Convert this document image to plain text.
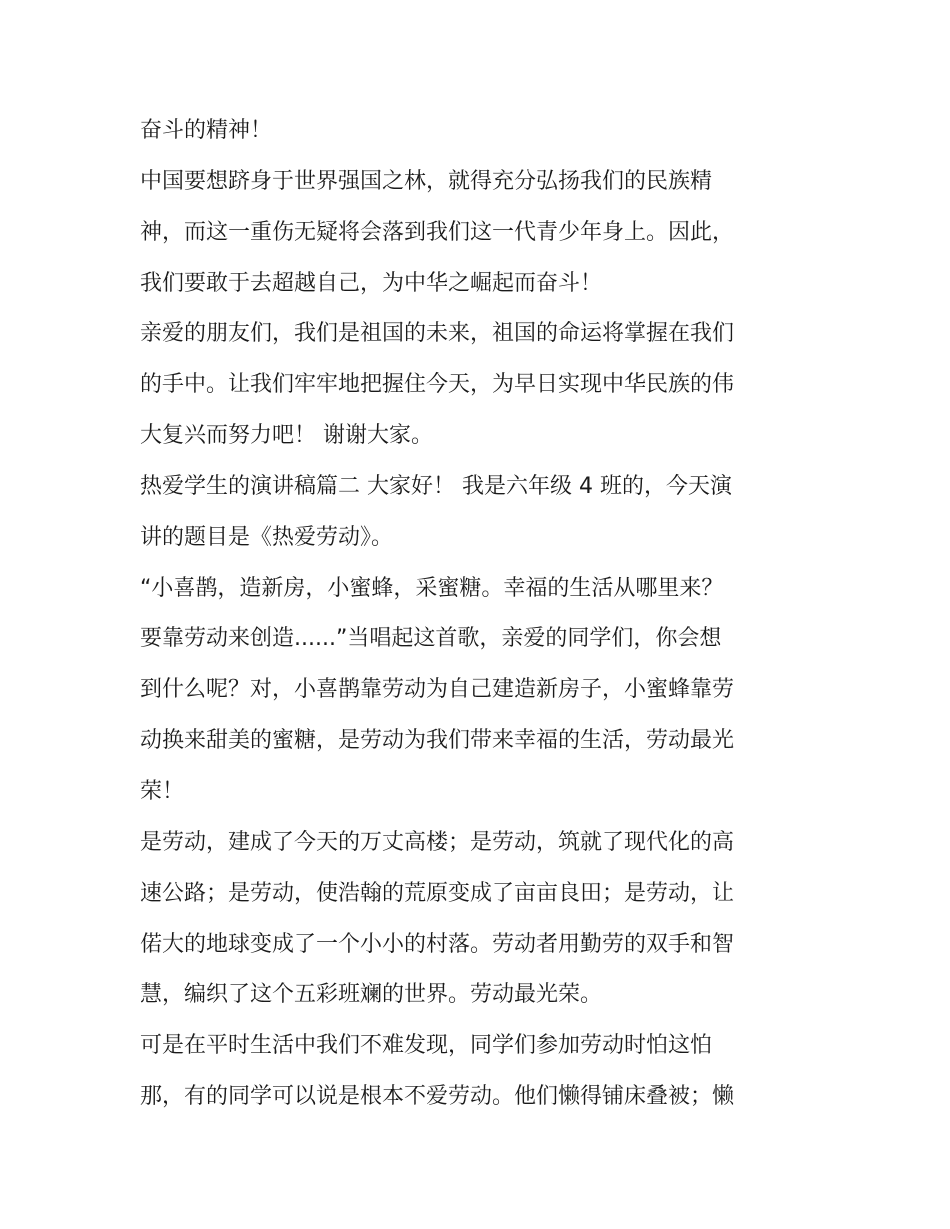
奋斗的精神！
中国要想跻身于世界强国之林，就得充分弘扬我们的民族精
神，而这一重伤无疑将会落到我们这一代青少年身上。因此，
我们要敢于去超越自己，为中华之崛起而奋斗！
亲爱的朋友们，我们是祖国的未来，祖国的命运将掌握在我们
的手中。让我们牢牢地把握住今天，为早日实现中华民族的伟
大复兴而努力吧！ 谢谢大家。
热爱学生的演讲稿篇二 大家好！ 我是六年级 4 班的，今天演
讲的题目是《热爱劳动》。
“小喜鹊，造新房，小蜜蜂，采蜜糖。幸福的生活从哪里来？
要靠劳动来创造......”当唱起这首歌，亲爱的同学们，你会想
到什么呢？对，小喜鹊靠劳动为自己建造新房子，小蜜蜂靠劳
动换来甜美的蜜糖，是劳动为我们带来幸福的生活，劳动最光
荣！
是劳动，建成了今天的万丈高楼；是劳动，筑就了现代化的高
速公路；是劳动，使浩翰的荒原变成了亩亩良田；是劳动，让
偌大的地球变成了一个小小的村落。劳动者用勤劳的双手和智
慧，编织了这个五彩班斓的世界。劳动最光荣。
可是在平时生活中我们不难发现，同学们参加劳动时怕这怕
那，有的同学可以说是根本不爱劳动。他们懒得铺床叠被；懒
